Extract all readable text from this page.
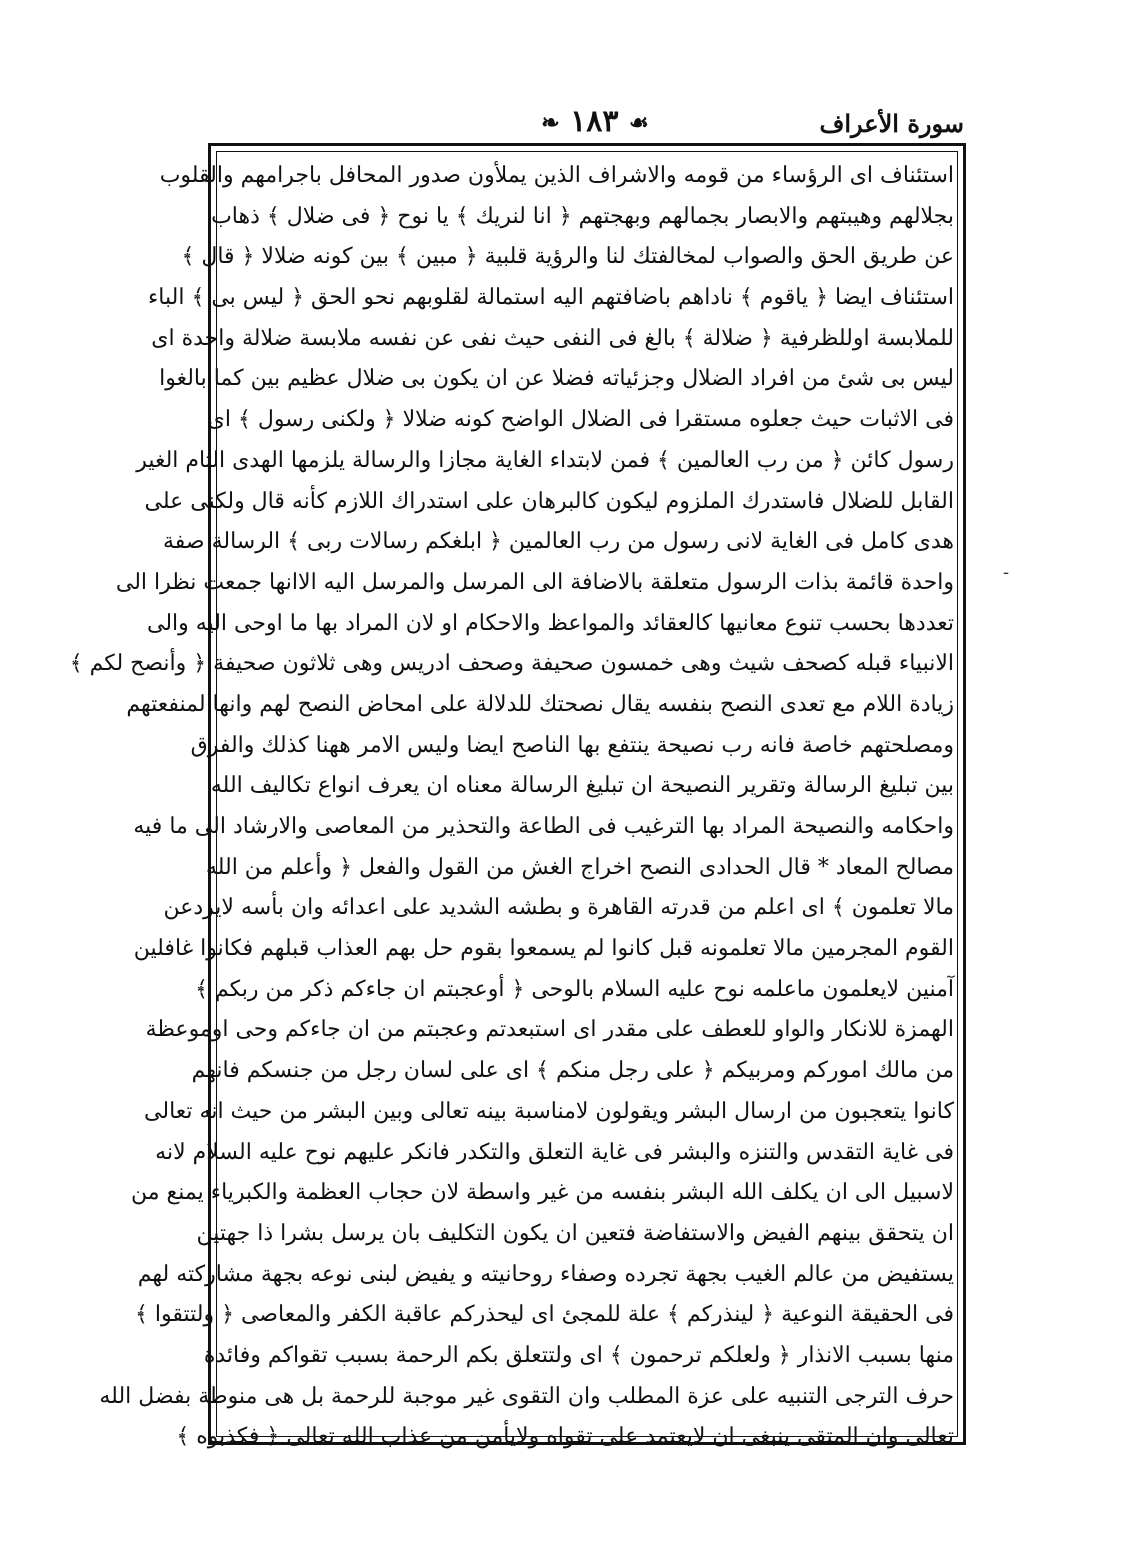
❧ ١٨٣ ☙	سورة الأعراف
استئناف ای الرؤساء من قومه والاشراف الذین یملأون صدور المحافل باجرامهم والقلوب
بجلالهم وهیبتهم والابصار بجمالهم وبهجتهم ﴿ انا لنریك ﴾ یا نوح ﴿ فی ضلال ﴾ ذهاب
عن طریق الحق والصواب لمخالفتك لنا والرؤیة قلبیة ﴿ مبین ﴾ بین کونه ضلالا ﴿ قال ﴾
استئناف ایضا ﴿ یاقوم ﴾ ناداهم باضافتهم الیه استمالة لقلوبهم نحو الحق ﴿ لیس بی ﴾ الباء
للملابسة اوللظرفیة ﴿ ضلالة ﴾ بالغ فی النفی حیث نفی عن نفسه ملابسة ضلالة واحدة ای
لیس بی شئ من افراد الضلال وجزئیاته فضلا عن ان یکون بی ضلال عظیم بین کما بالغوا
فی الاثبات حیث جعلوه مستقرا فی الضلال الواضح کونه ضلالا ﴿ ولکنی رسول ﴾ ای
رسول کائن ﴿ من رب العالمین ﴾ فمن لابتداء الغایة مجازا والرسالة یلزمها الهدی التام الغیر
القابل للضلال فاستدرك الملزوم لیکون کالبرهان علی استدراك اللازم کأنه قال ولکنی علی
هدی کامل فی الغایة لانی رسول من رب العالمین ﴿ ابلغکم رسالات ربی ﴾ الرسالة صفة
واحدة قائمة بذات الرسول متعلقة بالاضافة الی المرسل والمرسل الیه الاانها جمعت نظرا الی
تعددها بحسب تنوع معانیها کالعقائد والمواعظ والاحکام او لان المراد بها ما اوحی الیه والی
الانبیاء قبله کصحف شیث وهی خمسون صحیفة وصحف ادریس وهی ثلاثون صحیفة ﴿ وأنصح لکم ﴾
زیادة اللام مع تعدی النصح بنفسه یقال نصحتك للدلالة علی امحاض النصح لهم وانها لمنفعتهم
ومصلحتهم خاصة فانه رب نصیحة ینتفع بها الناصح ایضا ولیس الامر ههنا کذلك والفرق
بین تبلیغ الرسالة وتقریر النصیحة ان تبلیغ الرسالة معناه ان یعرف انواع تکالیف الله
واحکامه والنصیحة المراد بها الترغیب فی الطاعة والتحذیر من المعاصی والارشاد الی ما فیه
مصالح المعاد * قال الحدادی النصح اخراج الغش من القول والفعل ﴿ وأعلم من الله
مالا تعلمون ﴾ ای اعلم من قدرته القاهرة و بطشه الشدید علی اعدائه وان بأسه لایردعن
القوم المجرمین مالا تعلمونه قبل کانوا لم یسمعوا بقوم حل بهم العذاب قبلهم فکانوا غافلین
آمنین لایعلمون ماعلمه نوح علیه السلام بالوحی ﴿ أوعجبتم ان جاءکم ذکر من ربکم ﴾
الهمزة للانکار والواو للعطف علی مقدر ای استبعدتم وعجبتم من ان جاءکم وحی اوموعظة
من مالك امورکم ومربیکم ﴿ علی رجل منکم ﴾ ای علی لسان رجل من جنسکم فانهم
کانوا یتعجبون من ارسال البشر ویقولون لامناسبة بینه تعالی وبین البشر من حیث انه تعالی
فی غایة التقدس والتنزه والبشر فی غایة التعلق والتکدر فانکر علیهم نوح علیه السلام لانه
لاسبیل الی ان یکلف الله البشر بنفسه من غیر واسطة لان حجاب العظمة والکبریاء یمنع من
ان یتحقق بینهم الفیض والاستفاضة فتعین ان یکون التکلیف بان یرسل بشرا ذا جهتین
یستفیض من عالم الغیب بجهة تجرده وصفاء روحانیته و یفیض لبنی نوعه بجهة مشارکته لهم
فی الحقیقة النوعیة ﴿ لینذرکم ﴾ علة للمجئ ای لیحذرکم عاقبة الکفر والمعاصی ﴿ ولتتقوا ﴾
منها بسبب الانذار ﴿ ولعلکم ترحمون ﴾ ای ولتتعلق بکم الرحمة بسبب تقواکم وفائدة
حرف الترجی التنبیه علی عزة المطلب وان التقوی غیر موجبة للرحمة بل هی منوطة بفضل الله
تعالی وان المتقی ینبغی ان لایعتمد علی تقواه ولایأمن من عذاب الله تعالی ﴿ فکذبوه ﴾
-
